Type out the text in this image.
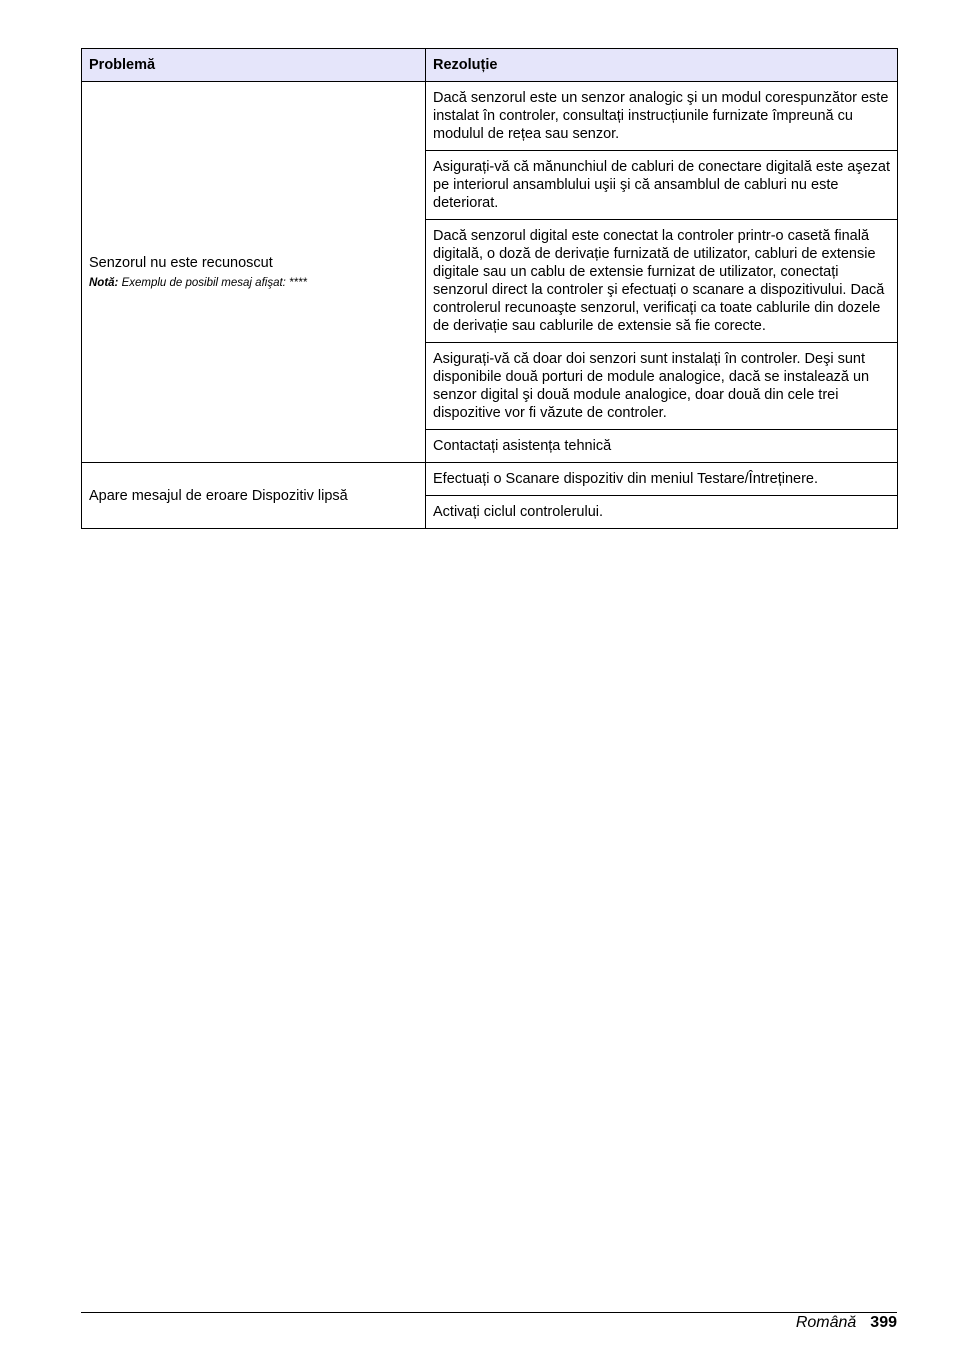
Problemă	Rezoluție

Senzorul nu este recunoscut
Notă: Exemplu de posibil mesaj afişat: ****	Dacă senzorul este un senzor analogic şi un modul corespunzător este instalat în controler, consultați instrucțiunile furnizate împreună cu modulul de rețea sau senzor.
	Asigurați-vă că mănunchiul de cabluri de conectare digitală este aşezat pe interiorul ansamblului uşii şi că ansamblul de cabluri nu este deteriorat.
	Dacă senzorul digital este conectat la controler printr-o casetă finală digitală, o doză de derivație furnizată de utilizator, cabluri de extensie digitale sau un cablu de extensie furnizat de utilizator, conectați senzorul direct la controler şi efectuați o scanare a dispozitivului. Dacă controlerul recunoaşte senzorul, verificați ca toate cablurile din dozele de derivație sau cablurile de extensie să fie corecte.
	Asigurați-vă că doar doi senzori sunt instalați în controler. Deşi sunt disponibile două porturi de module analogice, dacă se instalează un senzor digital şi două module analogice, doar două din cele trei dispozitive vor fi văzute de controler.
	Contactați asistența tehnică

Apare mesajul de eroare Dispozitiv lipsă	Efectuați o Scanare dispozitiv din meniul Testare/Întreținere.
	Activați ciclul controlerului.
Română 399
